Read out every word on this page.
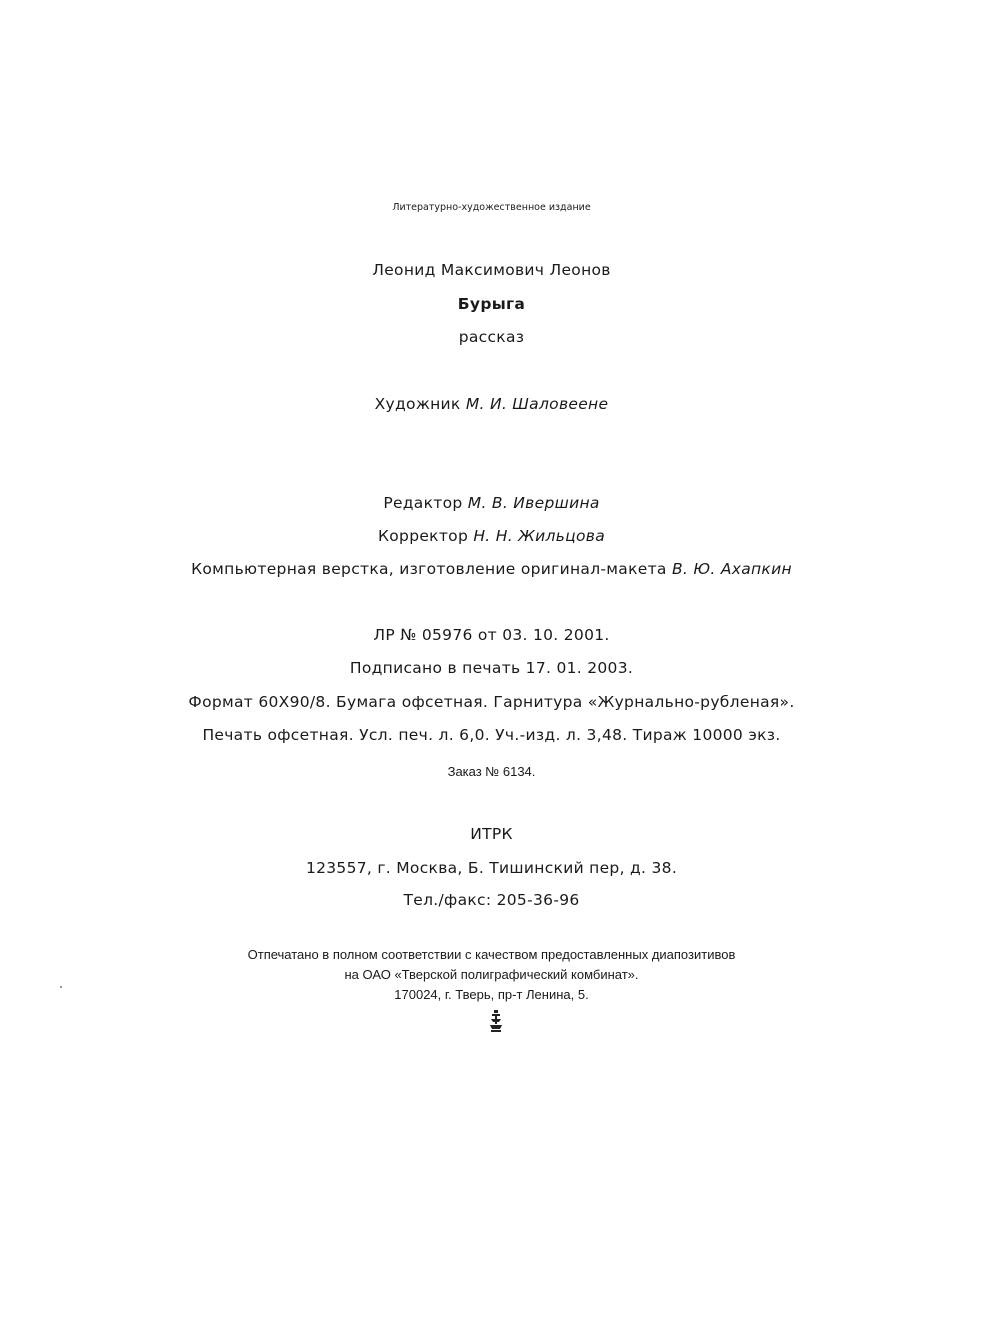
Литературно-художественное издание
Леонид Максимович Леонов
Бурыга
рассказ
Художник М. И. Шаловеене
Редактор М. В. Ивершина
Корректор Н. Н. Жильцова
Компьютерная верстка, изготовление оригинал-макета В. Ю. Ахапкин
ЛР № 05976 от 03. 10. 2001.
Подписано в печать 17. 01. 2003.
Формат 60Х90/8. Бумага офсетная. Гарнитура «Журнально-рубленая».
Печать офсетная. Усл. печ. л. 6,0. Уч.-изд. л. 3,48. Тираж 10000 экз.
Заказ № 6134.
ИТРК
123557, г. Москва, Б. Тишинский пер, д. 38.
Тел./факс: 205-36-96
Отпечатано в полном соответствии с качеством предоставленных диапозитивов
на ОАО «Тверской полиграфический комбинат».
170024, г. Тверь, пр-т Ленина, 5.
